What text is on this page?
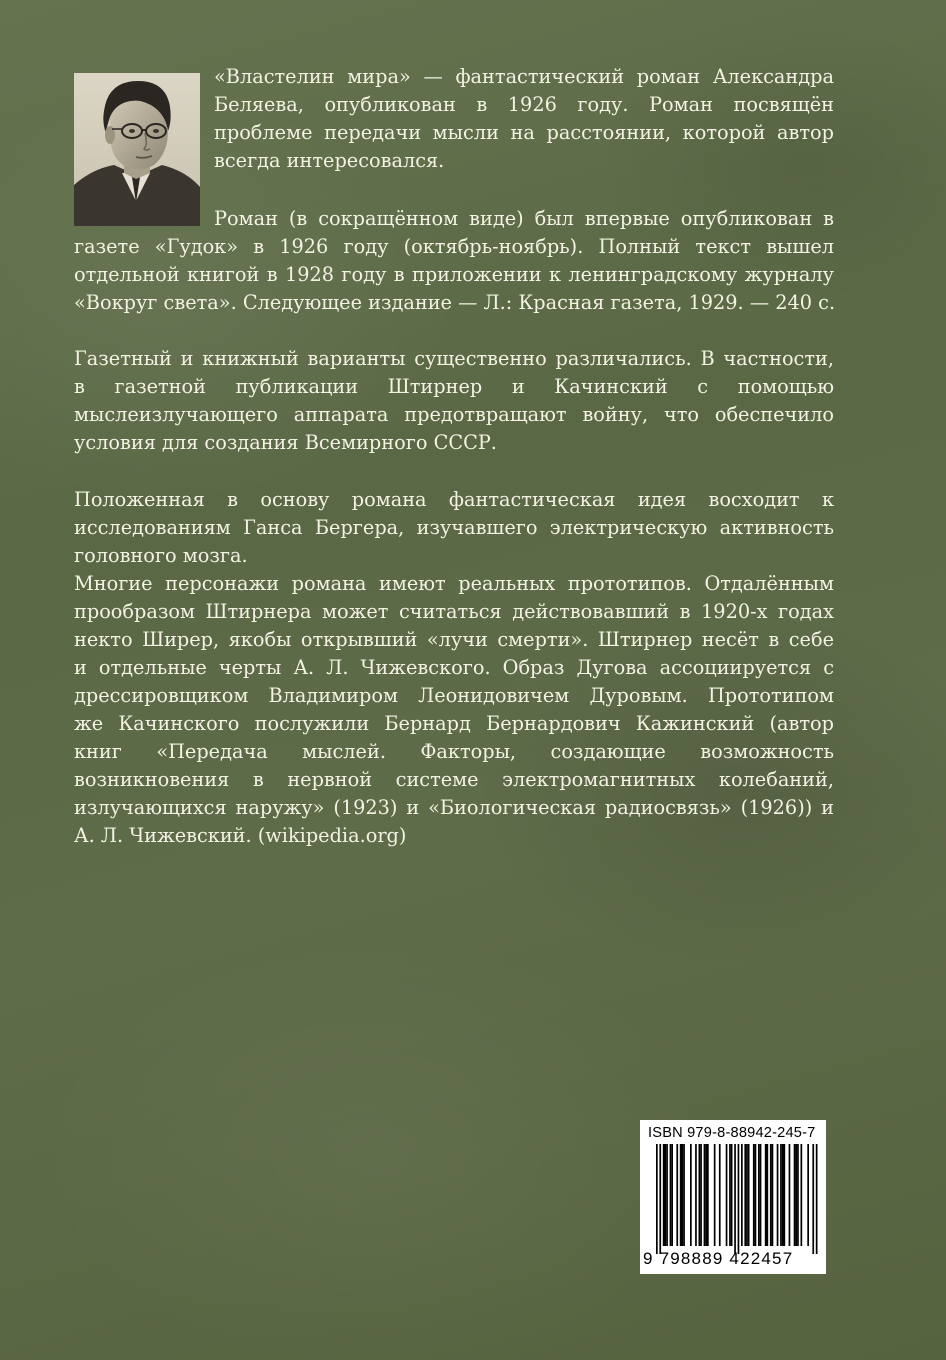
«Властелин мира» — фантастический роман Александра
Беляева, опубликован в 1926 году. Роман посвящён
проблеме передачи мысли на расстоянии, которой автор
всегда интересовался.
Роман (в сокращённом виде) был впервые опубликован в
газете «Гудок» в 1926 году (октябрь-ноябрь). Полный текст вышел
отдельной книгой в 1928 году в приложении к ленинградскому журналу
«Вокруг света». Следующее издание — Л.: Красная газета, 1929. — 240 с.
Газетный и книжный варианты существенно различались. В частности,
в газетной публикации Штирнер и Качинский с помощью
мыслеизлучающего аппарата предотвращают войну, что обеспечило
условия для создания Всемирного СССР.
Положенная в основу романа фантастическая идея восходит к
исследованиям Ганса Бергера, изучавшего электрическую активность
головного мозга.
Многие персонажи романа имеют реальных прототипов. Отдалённым
прообразом Штирнера может считаться действовавший в 1920-х годах
некто Ширер, якобы открывший «лучи смерти». Штирнер несёт в себе
и отдельные черты А. Л. Чижевского. Образ Дугова ассоциируется с
дрессировщиком Владимиром Леонидовичем Дуровым. Прототипом
же Качинского послужили Бернард Бернардович Кажинский (автор
книг «Передача мыслей. Факторы, создающие возможность
возникновения в нервной системе электромагнитных колебаний,
излучающихся наружу» (1923) и «Биологическая радиосвязь» (1926)) и
А. Л. Чижевский. (wikipedia.org)
ISBN 979-8-88942-245-7
9 798889 422457
